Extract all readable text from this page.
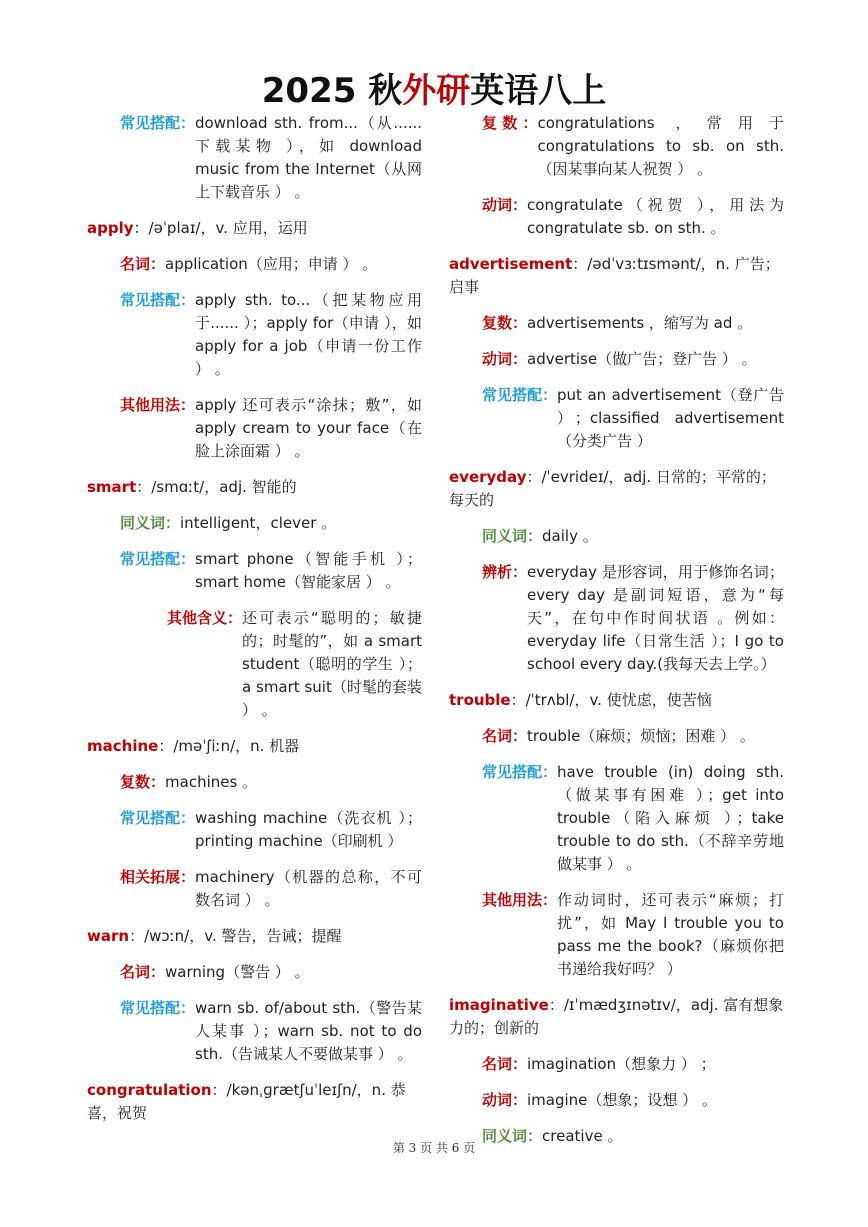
2025 秋外研英语八上
常见搭配： download sth. from...（从...... 下载某物 ），如 download music from the Internet（从网上下载音乐 ） 。
apply：/əˈplaɪ/，v. 应用，运用
名词： application（应用；申请 ） 。
常见搭配： apply sth. to...（把某物应用于...... ）；apply for（申请 ），如 apply for a job（申请一份工作 ） 。
其他用法： apply 还可表示“涂抹；敷”，如 apply cream to your face（在脸上涂面霜 ） 。
smart：/smɑːt/，adj. 智能的
同义词： intelligent，clever 。
常见搭配： smart phone（智能手机 ）；smart home（智能家居 ） 。
其他含义： 还可表示“聪明的；敏捷的；时髦的”，如 a smart student（聪明的学生 ）；a smart suit（时髦的套装 ） 。
machine：/məˈʃiːn/，n. 机器
复数： machines 。
常见搭配： washing machine（洗衣机 ）；printing machine（印刷机 ）
相关拓展： machinery（机器的总称，不可数名词 ） 。
warn：/wɔːn/，v. 警告，告诫；提醒
名词： warning（警告 ） 。
常见搭配： warn sb. of/about sth.（警告某人某事 ）；warn sb. not to do sth.（告诫某人不要做某事 ） 。
congratulation：/kənˌɡrætʃuˈleɪʃn/，n. 恭喜，祝贺
复 数 ： congratulations ，常用于 congratulations to sb. on sth.（因某事向某人祝贺 ） 。
动词： congratulate（祝贺 ），用法为 congratulate sb. on sth. 。
advertisement：/ədˈvɜːtɪsmənt/，n. 广告；启事
复数： advertisements ，缩写为 ad 。
动词： advertise（做广告；登广告 ） 。
常见搭配： put an advertisement（登广告 ）；classified advertisement（分类广告 ）
everyday：/ˈevrideɪ/，adj. 日常的；平常的；每天的
同义词： daily 。
辨析： everyday 是形容词，用于修饰名词；every day 是副词短语，意为“每天”，在句中作时间状语 。例如：everyday life（日常生活 ）；I go to school every day.(我每天去上学。）
trouble：/ˈtrʌbl/，v. 使忧虑，使苦恼
名词： trouble（麻烦；烦恼；困难 ） 。
常见搭配： have trouble (in) doing sth.（做某事有困难 ）；get into trouble（陷入麻烦 ）；take trouble to do sth.（不辞辛劳地做某事 ） 。
其他用法： 作动词时，还可表示“麻烦；打扰”，如 May I trouble you to pass me the book?（麻烦你把书递给我好吗？ ）
imaginative：/ɪˈmædʒɪnətɪv/，adj. 富有想象力的；创新的
名词： imagination（想象力 ） ；
动词： imagine（想象；设想 ） 。
同义词： creative 。
第 3 页 共 6 页
